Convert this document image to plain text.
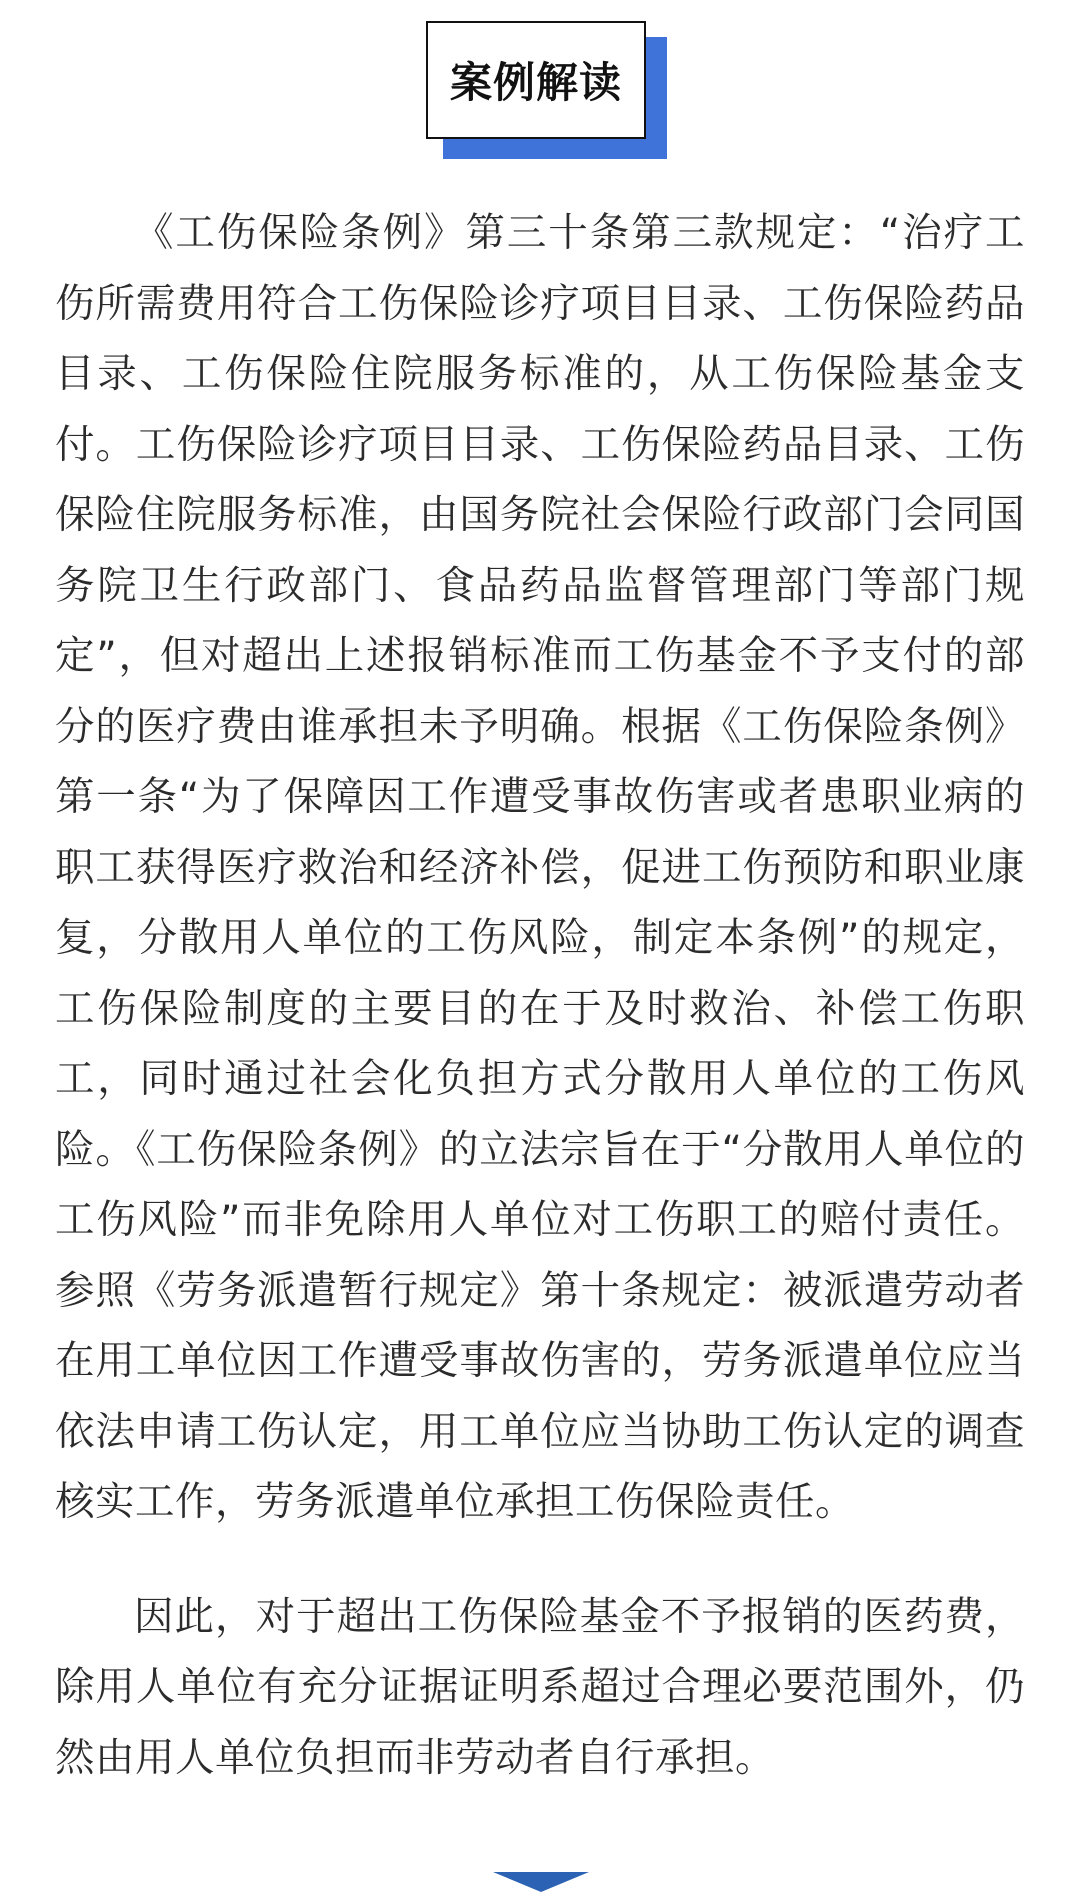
案例解读

《工伤保险条例》第三十条第三款规定：“治疗工伤所需费用符合工伤保险诊疗项目目录、工伤保险药品目录、工伤保险住院服务标准的，从工伤保险基金支付。工伤保险诊疗项目目录、工伤保险药品目录、工伤保险住院服务标准，由国务院社会保险行政部门会同国务院卫生行政部门、食品药品监督管理部门等部门规定”，但对超出上述报销标准而工伤基金不予支付的部分的医疗费由谁承担未予明确。根据《工伤保险条例》第一条“为了保障因工作遭受事故伤害或者患职业病的职工获得医疗救治和经济补偿，促进工伤预防和职业康复，分散用人单位的工伤风险，制定本条例”的规定，工伤保险制度的主要目的在于及时救治、补偿工伤职工，同时通过社会化负担方式分散用人单位的工伤风险。《工伤保险条例》的立法宗旨在于“分散用人单位的工伤风险”而非免除用人单位对工伤职工的赔付责任。参照《劳务派遣暂行规定》第十条规定：被派遣劳动者在用工单位因工作遭受事故伤害的，劳务派遣单位应当依法申请工伤认定，用工单位应当协助工伤认定的调查核实工作，劳务派遣单位承担工伤保险责任。

因此，对于超出工伤保险基金不予报销的医药费，除用人单位有充分证据证明系超过合理必要范围外，仍然由用人单位负担而非劳动者自行承担。
